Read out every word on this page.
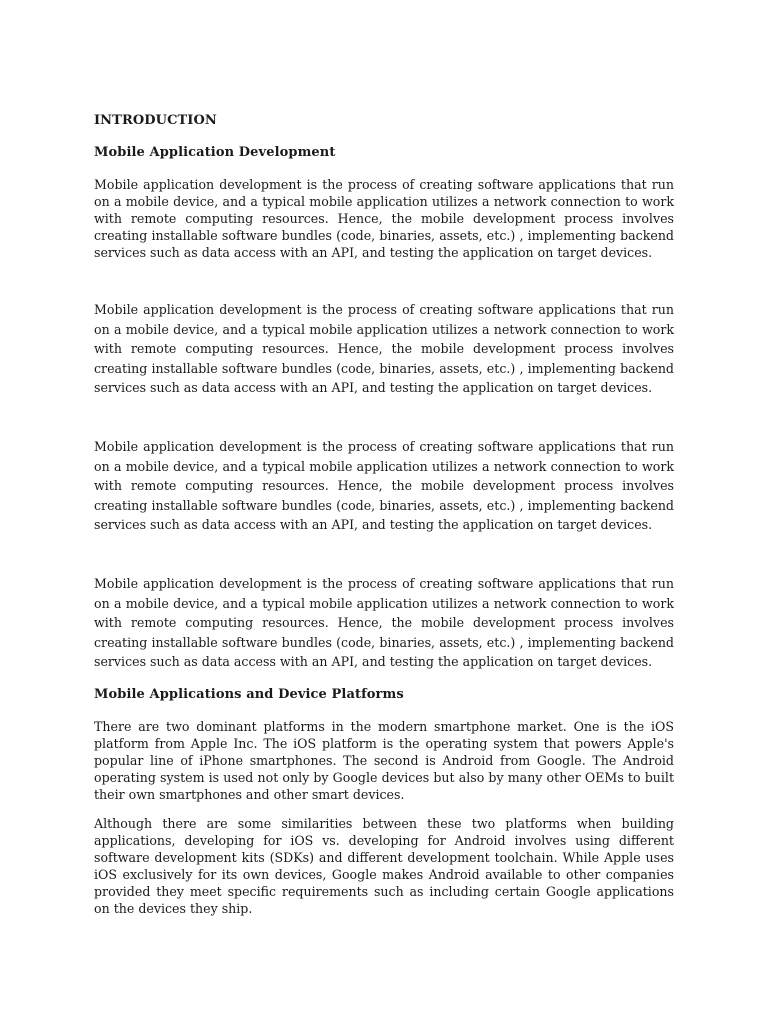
INTRODUCTION
Mobile Application Development

Mobile application development is the process of creating software applications that run on a mobile device, and a typical mobile application utilizes a network connection to work with remote computing resources. Hence, the mobile development process involves creating installable software bundles (code, binaries, assets, etc.) , implementing backend services such as data access with an API, and testing the application on target devices.

Mobile application development is the process of creating software applications that run on a mobile device, and a typical mobile application utilizes a network connection to work with remote computing resources. Hence, the mobile development process involves creating installable software bundles (code, binaries, assets, etc.) , implementing backend services such as data access with an API, and testing the application on target devices.

Mobile application development is the process of creating software applications that run on a mobile device, and a typical mobile application utilizes a network connection to work with remote computing resources. Hence, the mobile development process involves creating installable software bundles (code, binaries, assets, etc.) , implementing backend services such as data access with an API, and testing the application on target devices.

Mobile application development is the process of creating software applications that run on a mobile device, and a typical mobile application utilizes a network connection to work with remote computing resources. Hence, the mobile development process involves creating installable software bundles (code, binaries, assets, etc.) , implementing backend services such as data access with an API, and testing the application on target devices.

Mobile Applications and Device Platforms

There are two dominant platforms in the modern smartphone market. One is the iOS platform from Apple Inc. The iOS platform is the operating system that powers Apple's popular line of iPhone smartphones. The second is Android from Google. The Android operating system is used not only by Google devices but also by many other OEMs to built their own smartphones and other smart devices.

Although there are some similarities between these two platforms when building applications, developing for iOS vs. developing for Android involves using different software development kits (SDKs) and different development toolchain. While Apple uses iOS exclusively for its own devices, Google makes Android available to other companies provided they meet specific requirements such as including certain Google applications on the devices they ship.
